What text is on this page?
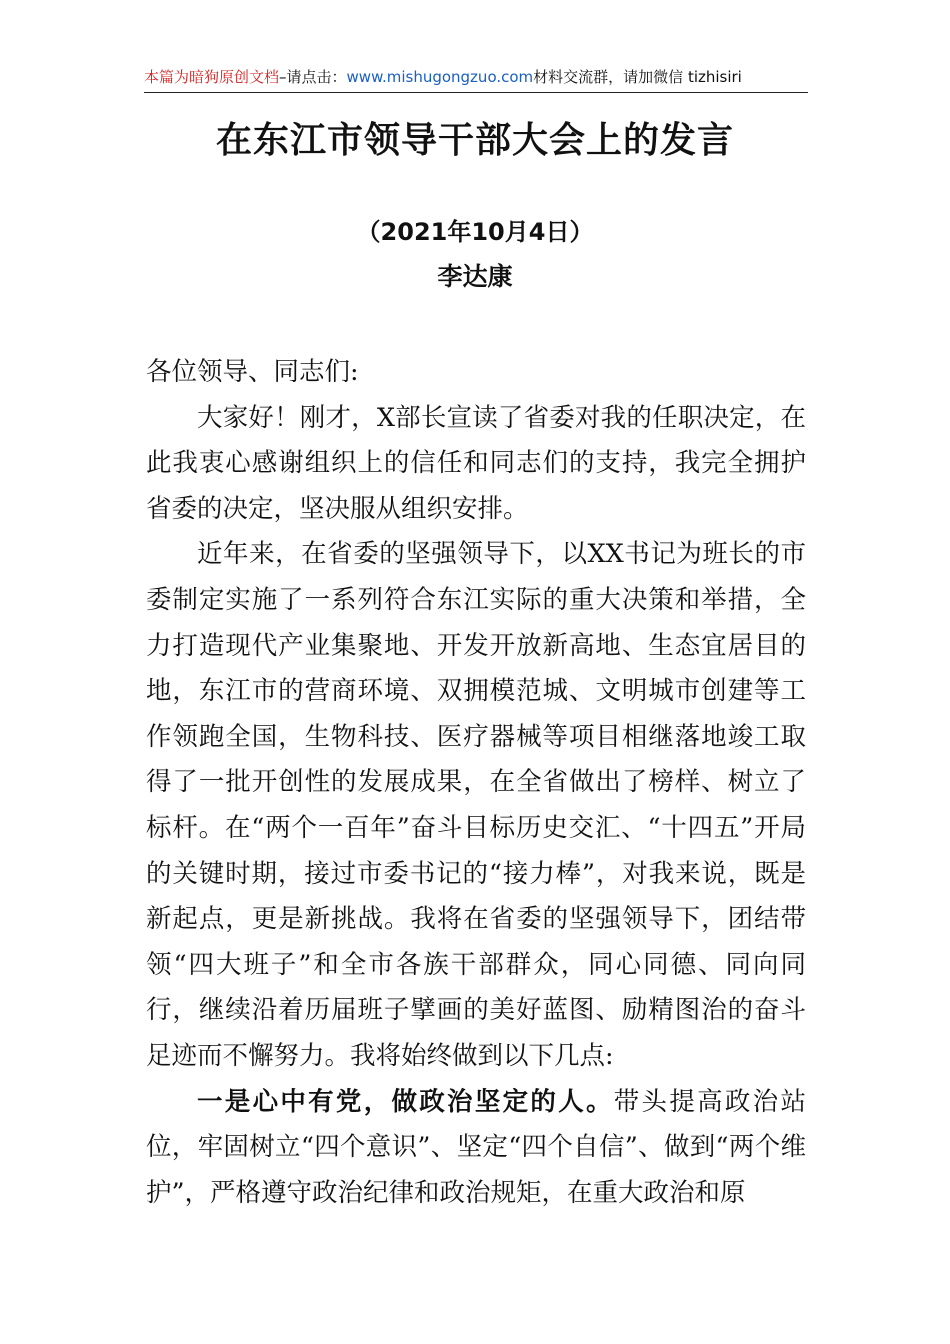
本篇为暗狗原创文档–请点击：www.mishugongzuo.com材料交流群，请加微信 tizhisiri
在东江市领导干部大会上的发言
（2021年10月4日）
李达康

各位领导、同志们:

大家好！刚才，X部长宣读了省委对我的任职决定，在此我衷心感谢组织上的信任和同志们的支持，我完全拥护省委的决定，坚决服从组织安排。

近年来，在省委的坚强领导下，以XX书记为班长的市委制定实施了一系列符合东江实际的重大决策和举措，全力打造现代产业集聚地、开发开放新高地、生态宜居目的地，东江市的营商环境、双拥模范城、文明城市创建等工作领跑全国，生物科技、医疗器械等项目相继落地竣工取得了一批开创性的发展成果，在全省做出了榜样、树立了标杆。在“两个一百年”奋斗目标历史交汇、“十四五”开局的关键时期，接过市委书记的“接力棒”，对我来说，既是新起点，更是新挑战。我将在省委的坚强领导下，团结带领“四大班子”和全市各族干部群众，同心同德、同向同行，继续沿着历届班子擘画的美好蓝图、励精图治的奋斗足迹而不懈努力。我将始终做到以下几点:

一是心中有党，做政治坚定的人。带头提高政治站位，牢固树立“四个意识”、坚定“四个自信”、做到“两个维护”，严格遵守政治纪律和政治规矩，在重大政治和原
